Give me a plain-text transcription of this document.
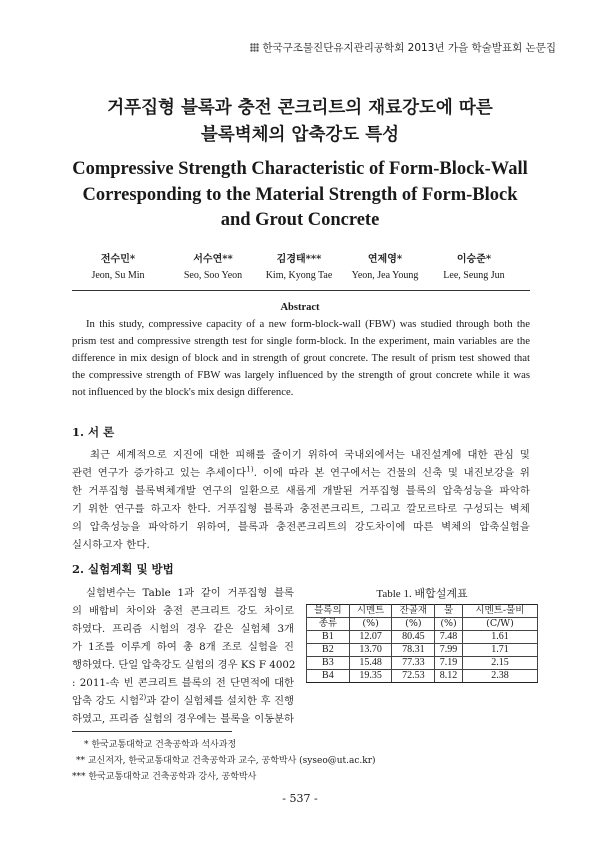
한국구조물진단유지관리공학회 2013년 가을 학술발표회 논문집
거푸집형 블록과 충전 콘크리트의 재료강도에 따른
블록벽체의 압축강도 특성
Compressive Strength Characteristic of Form-Block-Wall
Corresponding to the Material Strength of Form-Block
and Grout Concrete
전수민*
Jeon, Su Min
서수연**
Seo, Soo Yeon
김경태***
Kim, Kyong Tae
연제영*
Yeon, Jea Young
이승준*
Lee, Seung Jun
Abstract
In this study, compressive capacity of a new form-block-wall (FBW) was studied through both the
prism test and compressive strength test for single form-block. In the experiment, main variables are the
difference in mix design of block and in strength of grout concrete. The result of prism test showed that
the compressive strength of FBW was largely influenced by the strength of grout concrete while it was
not influenced by the block's mix design difference.
1. 서 론
최근 세계적으로 지진에 대한 피해를 줄이기 위하여 국내외에서는 내진설계에 대한 관심 및
관련 연구가 증가하고 있는 추세이다$^{1)}$. 이에 따라 본 연구에서는 건물의 신축 및 내진보강을 위
한 거푸집형 블록벽체개발 연구의 일환으로 새롭게 개발된 거푸집형 블록의 압축성능을 파악하
기 위한 연구를 하고자 한다. 거푸집형 블록과 충전콘크리트, 그리고 깔모르타로 구성되는 벽체
의 압축성능을 파악하기 위하여, 블록과 충전콘크리트의 강도차이에 따른 벽체의 압축실험을
실시하고자 한다.
2. 실험계획 및 방법
실험변수는 Table 1과 같이 거푸집형 블록
의 배합비 차이와 충전 콘크리트 강도 차이로
하였다. 프리즘 시험의 경우 같은 실험체 3개
가 1조를 이루게 하여 총 8개 조로 실험을 진
행하였다. 단일 압축강도 실험의 경우 KS F 4002
: 2011-속 빈 콘크리트 블록의 전 단면적에 대한
압축 강도 시험$^{2)}$과 같이 실험체를 설치한 후 진행
하였고, 프리즘 실험의 경우에는 블록을 이동분하
Table 1. 배합설계표
블록의	시멘트	잔골재	물	시멘트-물비
종류	(%)	(%)	(%)	(C/W)
B1	12.07	80.45	7.48	1.61
B2	13.70	78.31	7.99	1.71
B3	15.48	77.33	7.19	2.15
B4	19.35	72.53	8.12	2.38
* 한국교통대학교 건축공학과 석사과정
** 교신저자, 한국교통대학교 건축공학과 교수, 공학박사 (syseo@ut.ac.kr)
*** 한국교통대학교 건축공학과 강사, 공학박사
- 537 -
